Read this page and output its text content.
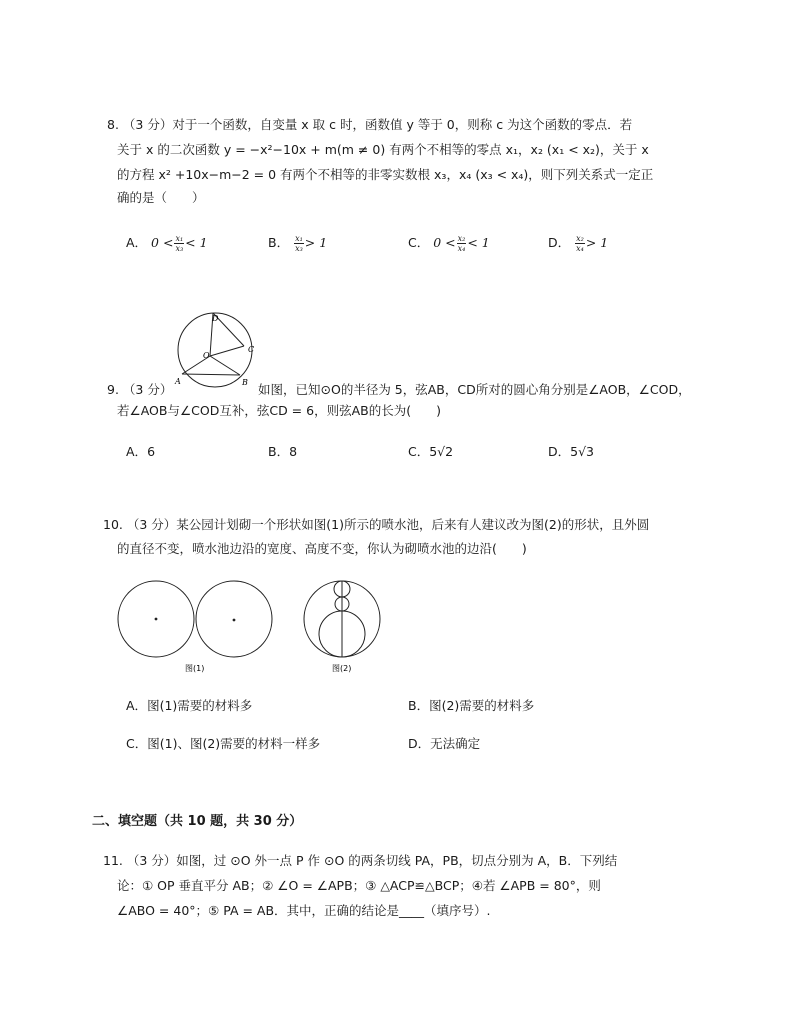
8. （3 分）对于一个函数，自变量 x 取 c 时，函数值 y 等于 0，则称 c 为这个函数的零点．若
关于 x 的二次函数 y = −x²−10x + m(m ≠ 0) 有两个不相等的零点 x₁，x₂ (x₁ < x₂)，关于 x
的方程 x² +10x−m−2 = 0 有两个不相等的非零实数根 x₃，x₄ (x₃ < x₄)，则下列关系式一定正
确的是（　　）
A． $0 < \frac{\text{x₁}}{\text{x₃}} < 1$	B． $\frac{\text{x₁}}{\text{x₃}} > 1$	C． $0 < \frac{\text{x₂}}{\text{x₄}} < 1$	D． $\frac{\text{x₂}}{\text{x₄}} > 1$
D
O
C
A	B
9. （3 分）	如图，已知⊙O的半径为 5，弦AB，CD所对的圆心角分别是∠AOB，∠COD，
若∠AOB与∠COD互补，弦CD = 6，则弦AB的长为(　　)
A．6	B．8	C．5√2	D．5√3
10. （3 分）某公园计划砌一个形状如图(1)所示的喷水池，后来有人建议改为图(2)的形状，且外圆
的直径不变，喷水池边沿的宽度、高度不变，你认为砌喷水池的边沿(　　)
图(1)	图(2)
A．图(1)需要的材料多	B．图(2)需要的材料多
C．图(1)、图(2)需要的材料一样多	D．无法确定
二、填空题（共 10 题，共 30 分）
11. （3 分）如图，过 ⊙O 外一点 P 作 ⊙O 的两条切线 PA，PB，切点分别为 A，B．下列结
论：① OP 垂直平分 AB；② ∠O = ∠APB；③ △ACP≌△BCP；④若 ∠APB = 80°，则
∠ABO = 40°；⑤ PA = AB．其中，正确的结论是____（填序号）.
